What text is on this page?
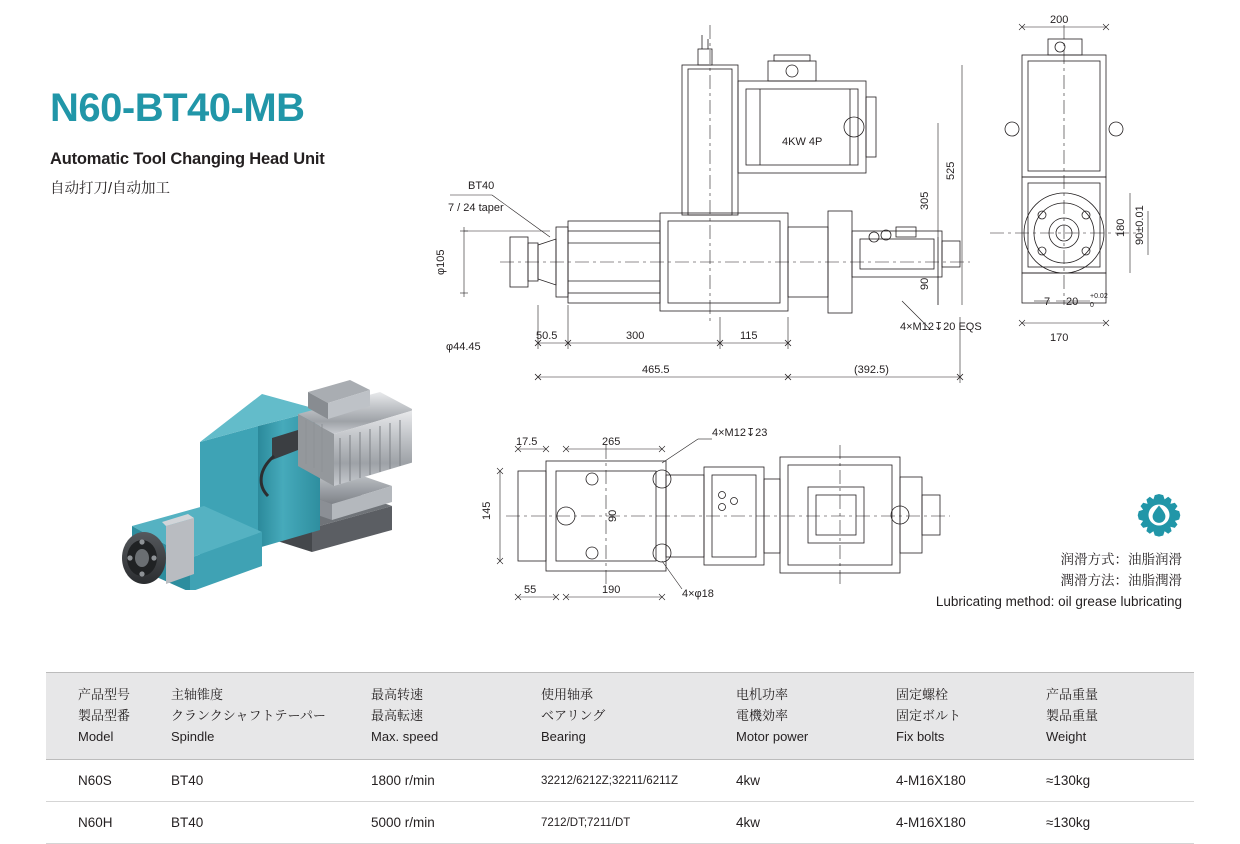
N60-BT40-MB
Automatic Tool Changing Head Unit
自动打刀/自动加工	BT40
7 / 24 taper
φ105
φ44.45
50.5	300	115
465.5	(392.5)
305
525
90
4KW 4P
4×M12↧20 EQS
200
180 90±0.01
170
7 20 +0.02
0
17.5	265
145	90
55	190
4×M12↧23
4×φ18
润滑方式：油脂润滑
潤滑方法：油脂潤滑
Lubricating method: oil grease lubricating
产品型号
製品型番
Model	主轴锥度
クランクシャフトテーパー
Spindle	最高转速
最高転速
Max. speed	使用轴承
ベアリング
Bearing	电机功率
電機効率
Motor power	固定螺栓
固定ボルト
Fix bolts	产品重量
製品重量
Weight

N60S	BT40	1800 r/min	32212/6212Z;32211/6211Z	4kw	4-M16X180	≈130kg
N60H	BT40	5000 r/min	7212/DT;7211/DT	4kw	4-M16X180	≈130kg
